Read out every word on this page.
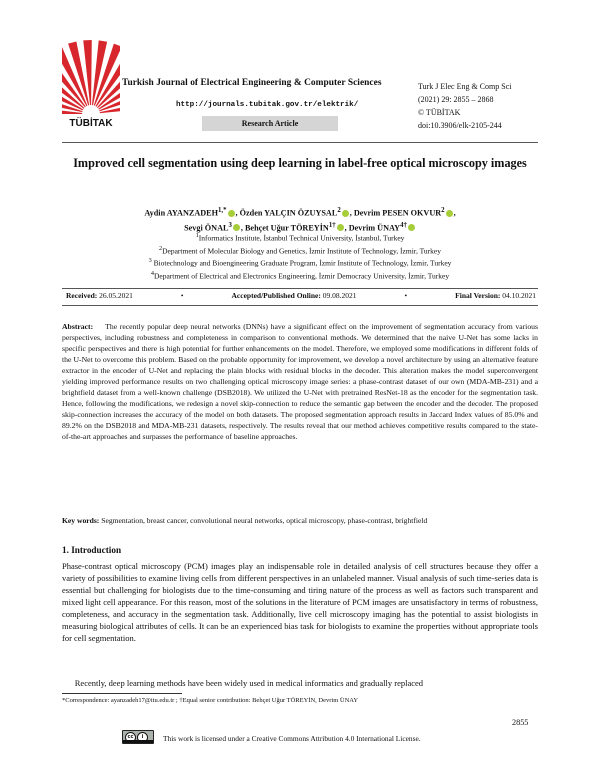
TÜBİTAK
Turkish Journal of Electrical Engineering & Computer Sciences
http://journals.tubitak.gov.tr/elektrik/
Research Article
Turk J Elec Eng & Comp Sci
(2021) 29: 2855 – 2868
© TÜBİTAK
doi:10.3906/elk-2105-244
Improved cell segmentation using deep learning in label-free optical microscopy images
Aydin $AYANZADEH^{1,*}$ , Özden YALÇIN ÖZUYSAL$^2$ , Devrim PESEN OKVUR$^2$ ,
Sevgi ÖNAL$^3$ , Behçet Uğur $TÖREYİN^{1\dagger}$ , Devrim $ÜNAY^{4\dagger}$
$^1$Informatics Institute, İstanbul Technical University, İstanbul, Turkey
$^2$Department of Molecular Biology and Genetics, İzmir Institute of Technology, İzmir, Turkey
$^3$ Biotechnology and Bioengineering Graduate Program, İzmir Institute of Technology, İzmir, Turkey
$^4$Department of Electrical and Electronics Engineering, İzmir Democracy University, İzmir, Turkey
Received: 26.05.2021	•	Accepted/Published Online: 09.08.2021	•	Final Version: 04.10.2021
Abstract: The recently popular deep neural networks (DNNs) have a significant effect on the improvement of segmentation accuracy from various perspectives, including robustness and completeness in comparison to conventional methods. We determined that the naive U-Net has some lacks in specific perspectives and there is high potential for further enhancements on the model. Therefore, we employed some modifications in different folds of the U-Net to overcome this problem. Based on the probable opportunity for improvement, we develop a novel architecture by using an alternative feature extractor in the encoder of U-Net and replacing the plain blocks with residual blocks in the decoder. This alteration makes the model superconvergent yielding improved performance results on two challenging optical microscopy image series: a phase-contrast dataset of our own (MDA-MB-231) and a brightfield dataset from a well-known challenge (DSB2018). We utilized the U-Net with pretrained ResNet-18 as the encoder for the segmentation task. Hence, following the modifications, we redesign a novel skip-connection to reduce the semantic gap between the encoder and the decoder. The proposed skip-connection increases the accuracy of the model on both datasets. The proposed segmentation approach results in Jaccard Index values of 85.0% and 89.2% on the DSB2018 and MDA-MB-231 datasets, respectively. The results reveal that our method achieves competitive results compared to the state-of-the-art approaches and surpasses the performance of baseline approaches.
Key words: Segmentation, breast cancer, convolutional neural networks, optical microscopy, phase-contrast, brightfield
1. Introduction
Phase-contrast optical microscopy (PCM) images play an indispensable role in detailed analysis of cell structures because they offer a variety of possibilities to examine living cells from different perspectives in an unlabeled manner. Visual analysis of such time-series data is essential but challenging for biologists due to the time-consuming and tiring nature of the process as well as factors such transparent and mixed light cell appearance. For this reason, most of the solutions in the literature of PCM images are unsatisfactory in terms of robustness, completeness, and accuracy in the segmentation task. Additionally, live cell microscopy imaging has the potential to assist biologists in measuring biological attributes of cells. It can be an experienced bias task for biologists to examine the properties without appropriate tools for cell segmentation.
Recently, deep learning methods have been widely used in medical informatics and gradually replaced
*Correspondence: ayanzadeh17@itu.edu.tr ; †Equal senior contribution: Behçet Uğur TÖREYİN, Devrim ÜNAY
2855
cc	i	This work is licensed under a Creative Commons Attribution 4.0 International License.
